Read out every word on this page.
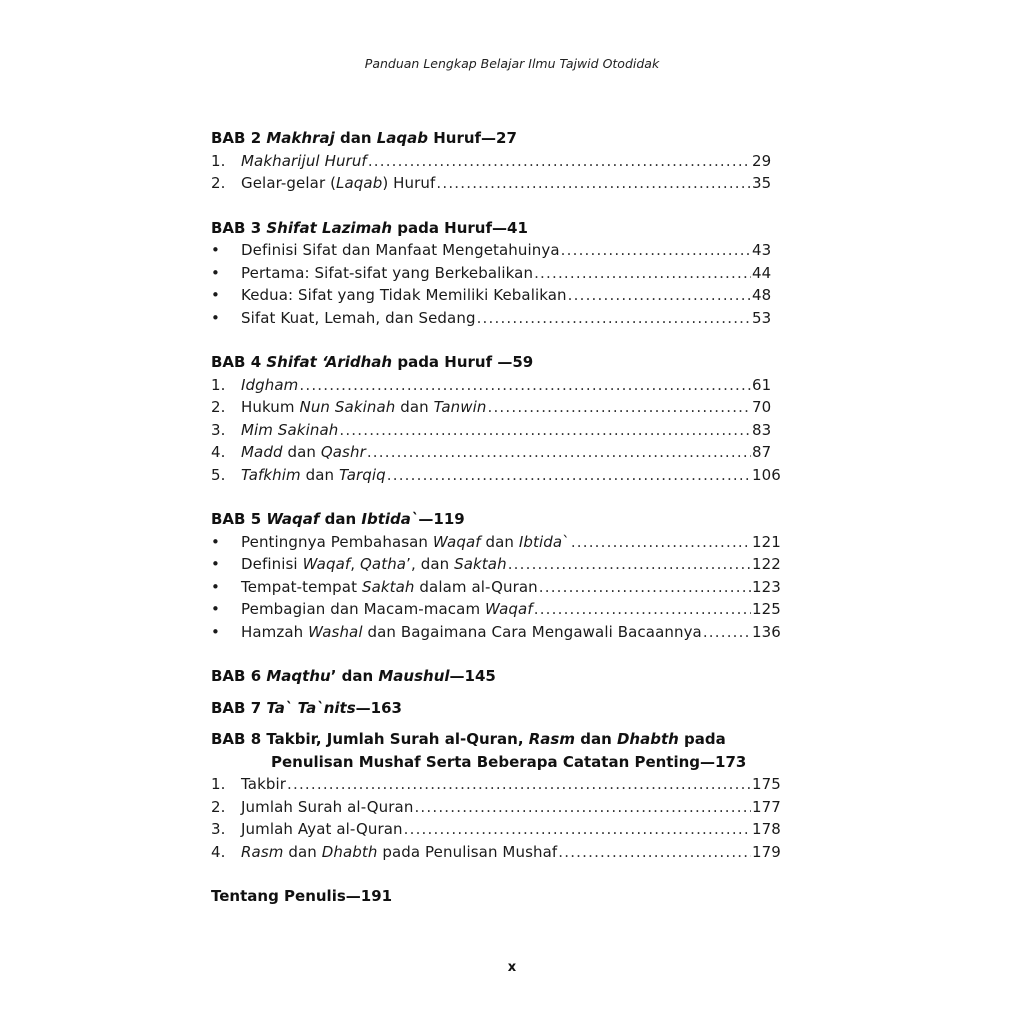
Panduan Lengkap Belajar Ilmu Tajwid Otodidak
BAB 2 Makhraj dan Laqab Huruf—27
1.	Makharijul Huruf .....	29
2.	Gelar-gelar (Laqab) Huruf .....	35
BAB 3 Shifat Lazimah pada Huruf—41
•	Definisi Sifat dan Manfaat Mengetahuinya .....	43
•	Pertama: Sifat-sifat yang Berkebalikan .....	44
•	Kedua: Sifat yang Tidak Memiliki Kebalikan .....	48
•	Sifat Kuat, Lemah, dan Sedang .....	53
BAB 4 Shifat ‘Aridhah pada Huruf —59
1.	Idgham .....	61
2.	Hukum Nun Sakinah dan Tanwin .....	70
3.	Mim Sakinah .....	83
4.	Madd dan Qashr .....	87
5.	Tafkhim dan Tarqiq .....	106
BAB 5 Waqaf dan Ibtida`—119
•	Pentingnya Pembahasan Waqaf dan Ibtida` .....	121
•	Definisi Waqaf, Qatha’, dan Saktah .....	122
•	Tempat-tempat Saktah dalam al-Quran .....	123
•	Pembagian dan Macam-macam Waqaf .....	125
•	Hamzah Washal dan Bagaimana Cara Mengawali Bacaannya .....	136
BAB 6 Maqthu’ dan Maushul—145
BAB 7 Ta` Ta`nits—163
BAB 8 Takbir, Jumlah Surah al-Quran, Rasm dan Dhabth pada
Penulisan Mushaf Serta Beberapa Catatan Penting—173
1.	Takbir .....	175
2.	Jumlah Surah al-Quran .....	177
3.	Jumlah Ayat al-Quran .....	178
4.	Rasm dan Dhabth pada Penulisan Mushaf .....	179
Tentang Penulis—191
x
